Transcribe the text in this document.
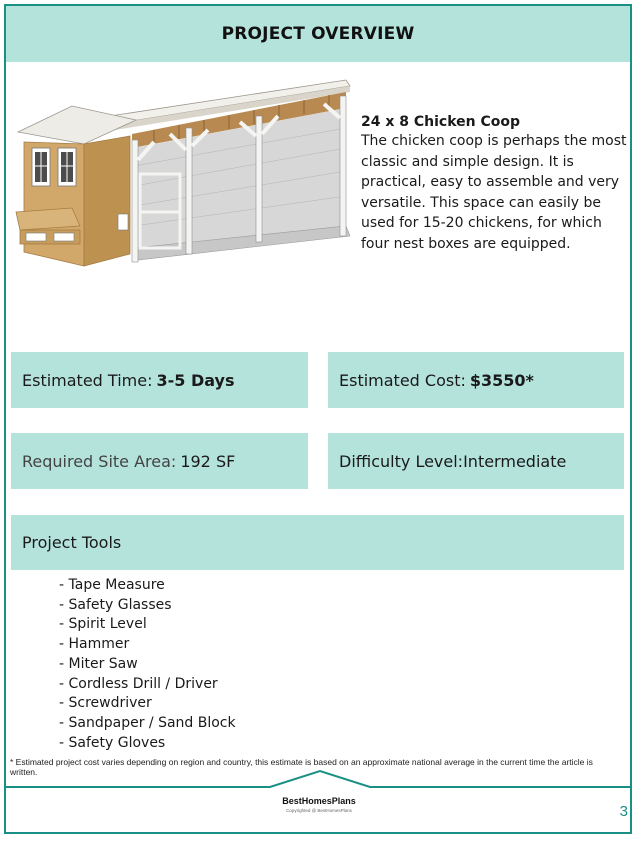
PROJECT OVERVIEW

24 x 8 Chicken Coop

The chicken coop is perhaps the most classic and simple design. It is practical, easy to assemble and very versatile. This space can easily be used for 15-20 chickens, for which four nest boxes are equipped.

Estimated Time: 3-5 Days	Estimated Cost: $3550*
Required Site Area: 192 SF	Difficulty Level: Intermediate
Project Tools
- Tape Measure
- Safety Glasses
- Spirit Level
- Hammer
- Miter Saw
- Cordless Drill / Driver
- Screwdriver
- Sandpaper / Sand Block
- Safety Gloves
* Estimated project cost varies depending on region and country, this estimate is based on an approximate national average in the current time the article is written.
BestHomesPlans
Copyrighted @ BestHomesPlans	3
